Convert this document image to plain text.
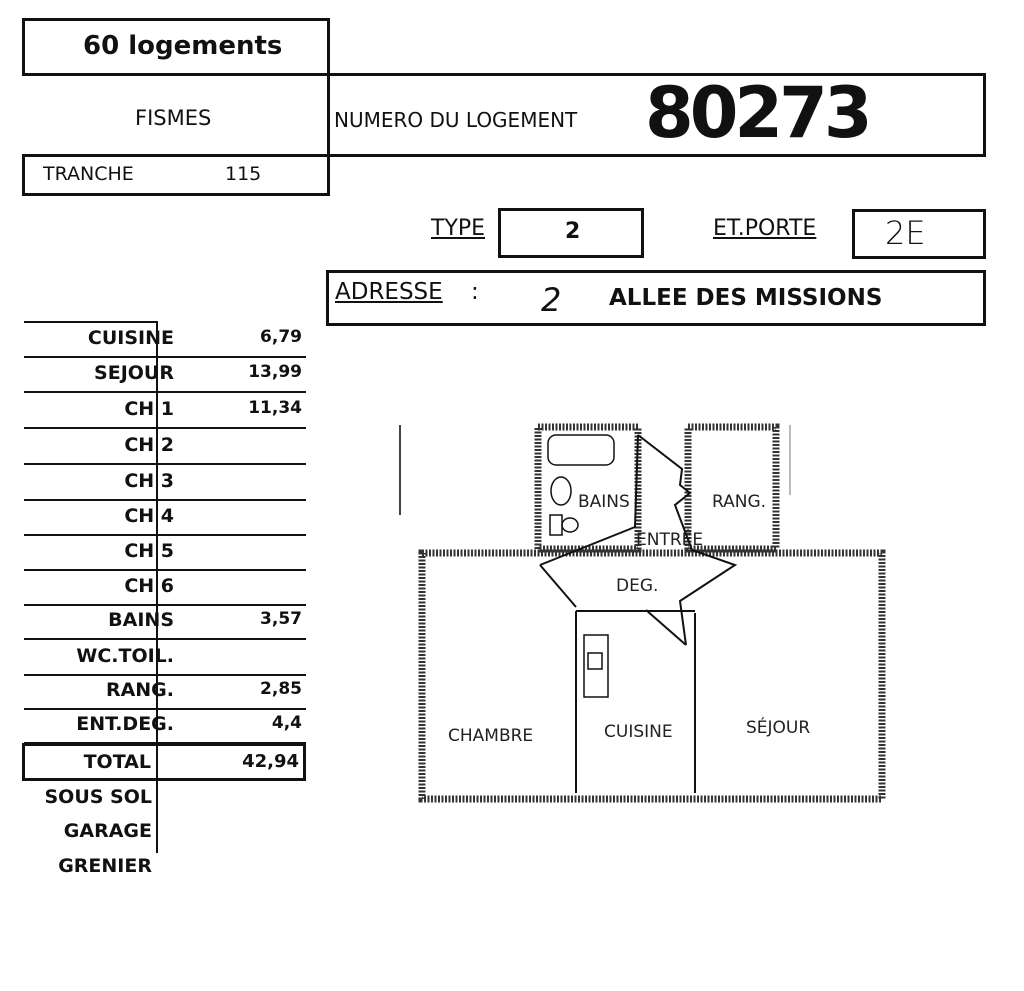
60 logements
FISMES	NUMERO DU LOGEMENT 80273
TRANCHE	115
TYPE	2	ET.PORTE 2E
ADRESSE : 2 ALLEE DES MISSIONS
CUISINE	6,79
SEJOUR	13,99
CH 1	11,34
CH 2
CH 3
CH 4
CH 5
CH 6
BAINS	3,57
WC.TOIL.
RANG.	2,85
ENT.DEG.	4,4
TOTAL	42,94
SOUS SOL
GARAGE
GRENIER
BAINS	RANG.
ENTRÉE
DEG.
CHAMBRE	CUISINE	SÉJOUR
